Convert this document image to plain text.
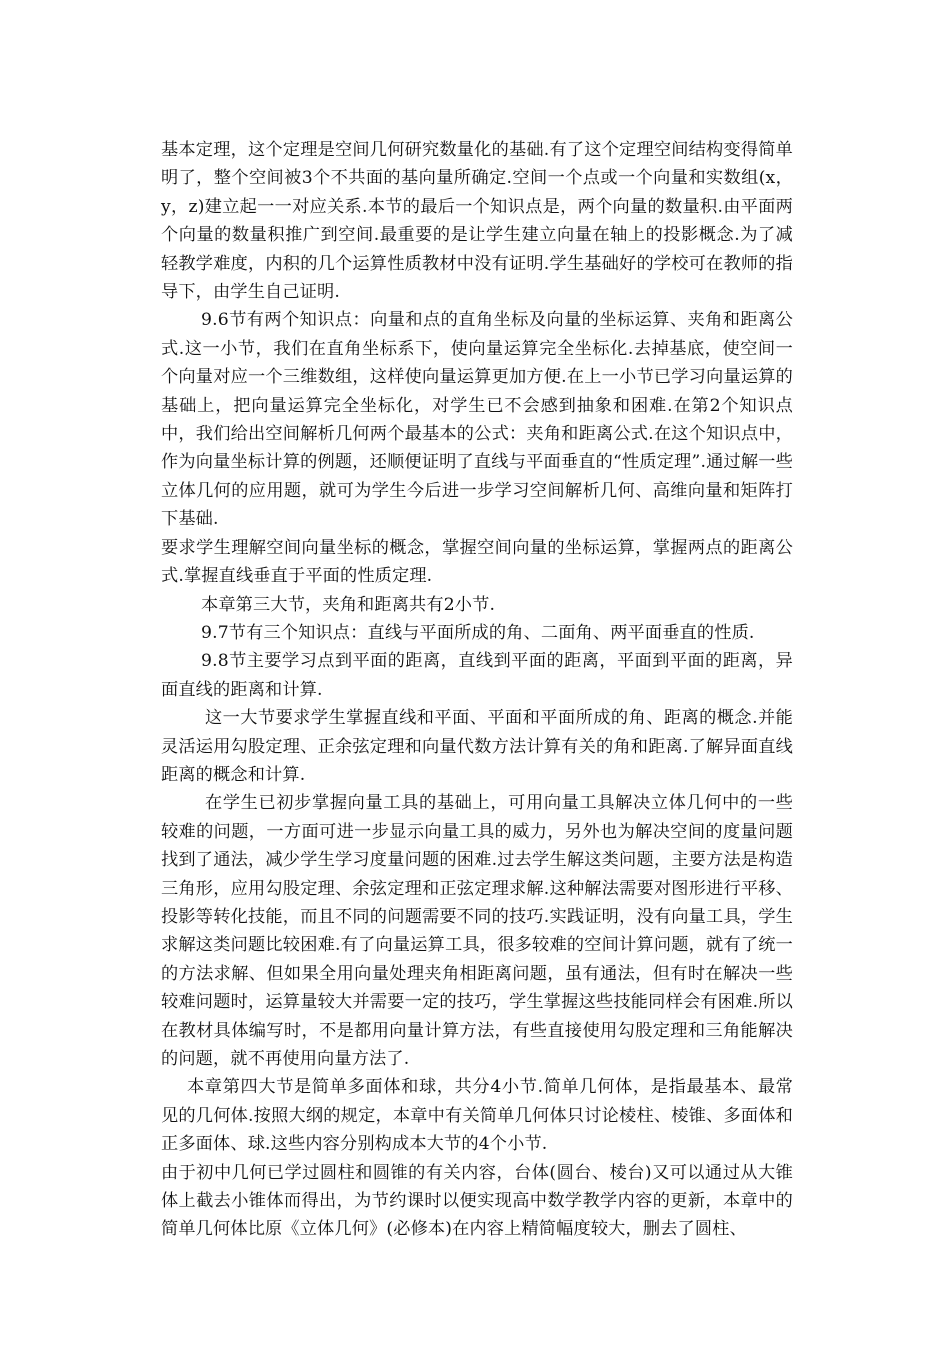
基本定理，这个定理是空间几何研究数量化的基础.有了这个定理空间结构变得简单明了，整个空间被3个不共面的基向量所确定.空间一个点或一个向量和实数组(x，y，z)建立起一一对应关系.本节的最后一个知识点是，两个向量的数量积.由平面两个向量的数量积推广到空间.最重要的是让学生建立向量在轴上的投影概念.为了减轻教学难度，内积的几个运算性质教材中没有证明.学生基础好的学校可在教师的指导下，由学生自己证明.

9.6节有两个知识点：向量和点的直角坐标及向量的坐标运算、夹角和距离公式.这一小节，我们在直角坐标系下，使向量运算完全坐标化.去掉基底，使空间一个向量对应一个三维数组，这样使向量运算更加方便.在上一小节已学习向量运算的基础上，把向量运算完全坐标化，对学生已不会感到抽象和困难.在第2个知识点中，我们给出空间解析几何两个最基本的公式：夹角和距离公式.在这个知识点中，作为向量坐标计算的例题，还顺便证明了直线与平面垂直的“性质定理”.通过解一些立体几何的应用题，就可为学生今后进一步学习空间解析几何、高维向量和矩阵打下基础.

要求学生理解空间向量坐标的概念，掌握空间向量的坐标运算，掌握两点的距离公式.掌握直线垂直于平面的性质定理.

本章第三大节，夹角和距离共有2小节.

9.7节有三个知识点：直线与平面所成的角、二面角、两平面垂直的性质.

9.8节主要学习点到平面的距离，直线到平面的距离，平面到平面的距离，异面直线的距离和计算.

这一大节要求学生掌握直线和平面、平面和平面所成的角、距离的概念.并能灵活运用勾股定理、正余弦定理和向量代数方法计算有关的角和距离.了解异面直线距离的概念和计算.

在学生已初步掌握向量工具的基础上，可用向量工具解决立体几何中的一些较难的问题，一方面可进一步显示向量工具的威力，另外也为解决空间的度量问题找到了通法，减少学生学习度量问题的困难.过去学生解这类问题，主要方法是构造三角形，应用勾股定理、余弦定理和正弦定理求解.这种解法需要对图形进行平移、投影等转化技能，而且不同的问题需要不同的技巧.实践证明，没有向量工具，学生求解这类问题比较困难.有了向量运算工具，很多较难的空间计算问题，就有了统一的方法求解、但如果全用向量处理夹角相距离问题，虽有通法，但有时在解决一些较难问题时，运算量较大并需要一定的技巧，学生掌握这些技能同样会有困难.所以在教材具体编写时，不是都用向量计算方法，有些直接使用勾股定理和三角能解决的问题，就不再使用向量方法了.

本章第四大节是简单多面体和球，共分4小节.简单几何体，是指最基本、最常见的几何体.按照大纲的规定，本章中有关简单几何体只讨论棱柱、棱锥、多面体和正多面体、球.这些内容分别构成本大节的4个小节.

由于初中几何已学过圆柱和圆锥的有关内容，台体(圆台、棱台)又可以通过从大锥体上截去小锥体而得出，为节约课时以便实现高中数学教学内容的更新，本章中的简单几何体比原《立体几何》(必修本)在内容上精简幅度较大，删去了圆柱、
